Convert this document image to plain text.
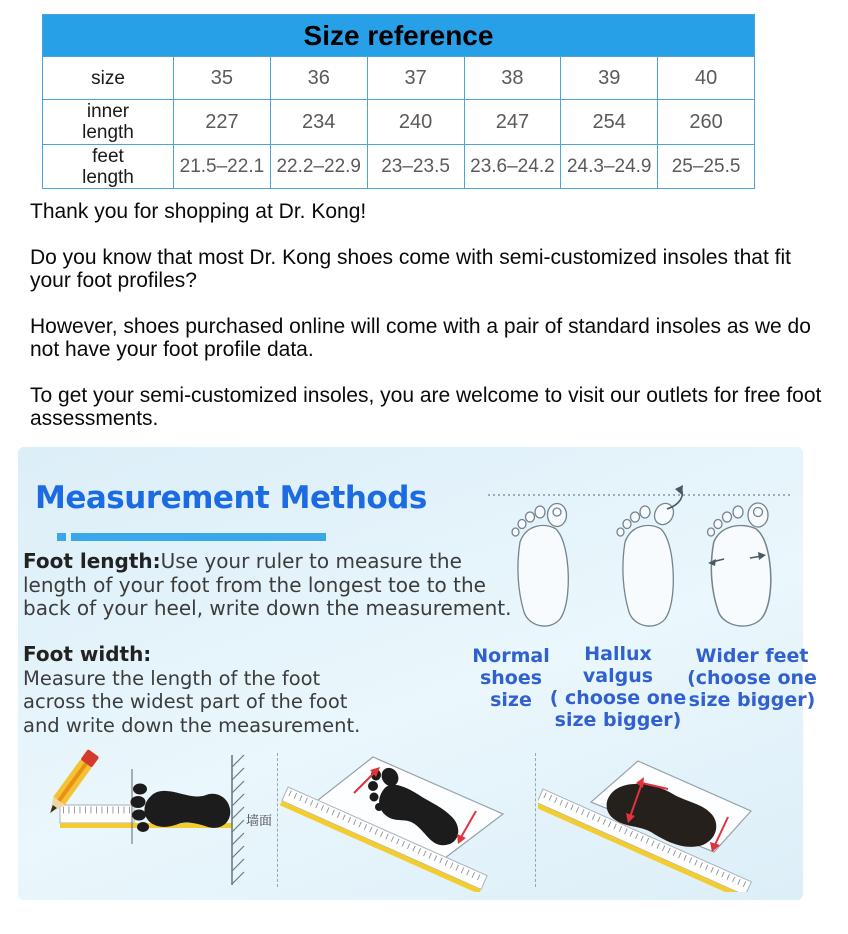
Size reference
size	35	36	37	38	39	40
inner
length	227	234	240	247	254	260
feet
length
21.5–22.1 22.2–22.9 23–23.5 23.6–24.2 24.3–24.9 25–25.5

Thank you for shopping at Dr. Kong!

Do you know that most Dr. Kong shoes come with semi-customized insoles that fit your foot profiles?

However, shoes purchased online will come with a pair of standard insoles as we do not have your foot profile data.

To get your semi-customized insoles, you are welcome to visit our outlets for free foot assessments.

Measurement Methods
Foot length:Use your ruler to measure the length of your foot from the longest toe to the back of your heel, write down the measurement.
Foot width:
Measure the length of the foot across the widest part of the foot and write down the measurement.
Normal
shoes
size
Hallux valgus
( choose one
size bigger)
Wider feet
(choose one
size bigger)
墙面
